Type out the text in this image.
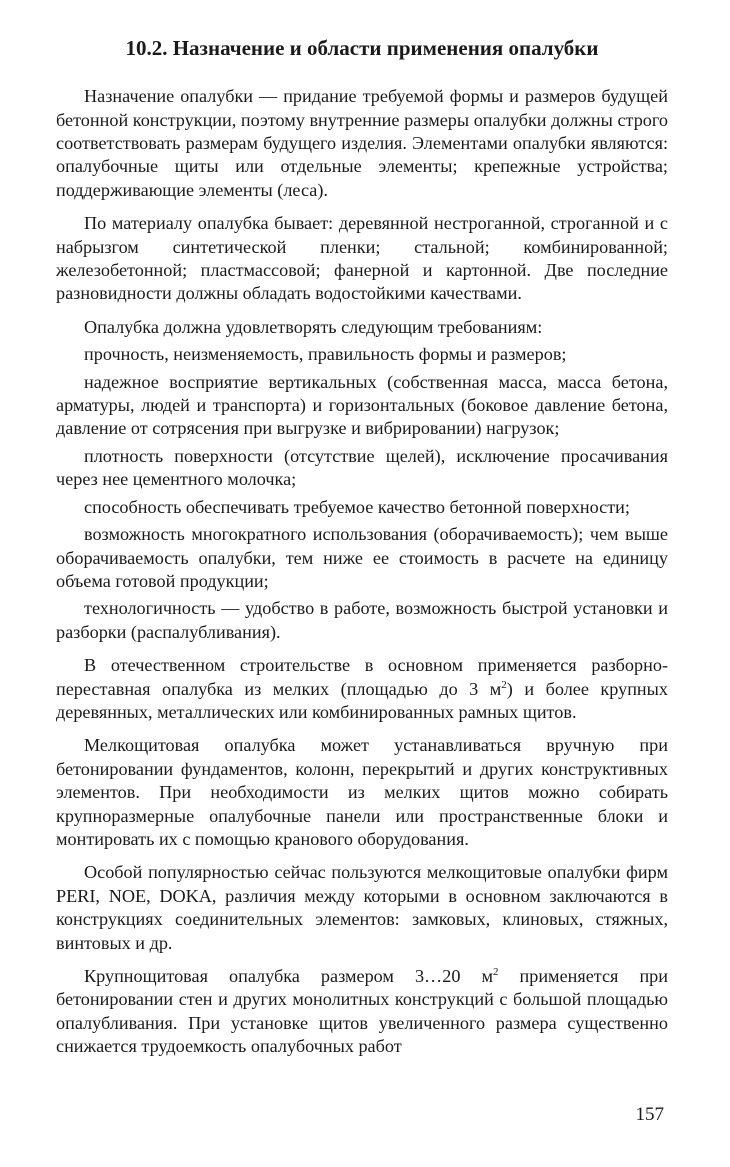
10.2. Назначение и области применения опалубки

Назначение опалубки — придание требуемой формы и размеров будущей бетонной конструкции, поэтому внутренние размеры опалубки должны строго соответствовать размерам будущего изделия. Элементами опалубки являются: опалубочные щиты или отдельные элементы; крепежные устройства; поддерживающие элементы (леса).

По материалу опалубка бывает: деревянной нестроганной, строганной и с набрызгом синтетической пленки; стальной; комбинированной; железобетонной; пластмассовой; фанерной и картонной. Две последние разновидности должны обладать водостойкими качествами.

Опалубка должна удовлетворять следующим требованиям:

прочность, неизменяемость, правильность формы и размеров;

надежное восприятие вертикальных (собственная масса, масса бетона, арматуры, людей и транспорта) и горизонтальных (боковое давление бетона, давление от сотрясения при выгрузке и вибрировании) нагрузок;

плотность поверхности (отсутствие щелей), исключение просачивания через нее цементного молочка;

способность обеспечивать требуемое качество бетонной поверхности;

возможность многократного использования (оборачиваемость); чем выше оборачиваемость опалубки, тем ниже ее стоимость в расчете на единицу объема готовой продукции;

технологичность — удобство в работе, возможность быстрой установки и разборки (распалубливания).

В отечественном строительстве в основном применяется разборно-переставная опалубка из мелких (площадью до 3 $м^2$) и более крупных деревянных, металлических или комбинированных рамных щитов.

Мелкощитовая опалубка может устанавливаться вручную при бетонировании фундаментов, колонн, перекрытий и других конструктивных элементов. При необходимости из мелких щитов можно собирать крупноразмерные опалубочные панели или пространственные блоки и монтировать их с помощью кранового оборудования.

Особой популярностью сейчас пользуются мелкощитовые опалубки фирм PERI, NOE, DOKA, различия между которыми в основном заключаются в конструкциях соединительных элементов: замковых, клиновых, стяжных, винтовых и др.

Крупнощитовая опалубка размером 3…20 $м^2$ применяется при бетонировании стен и других монолитных конструкций с большой площадью опалубливания. При установке щитов увеличенного размера существенно снижается трудоемкость опалубочных работ

157
